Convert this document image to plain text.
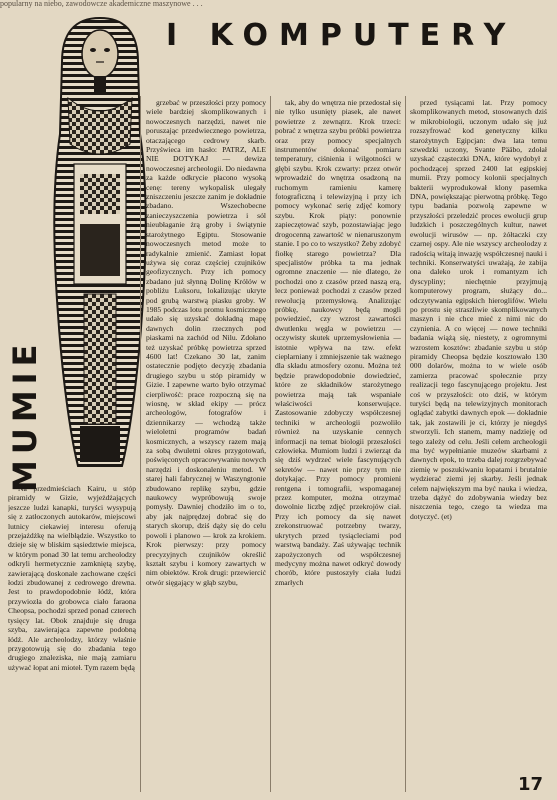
popularny na niebo, zawodowcze akademiczne maszynowe . . .
I KOMPUTERY
MUMIE

Na przedmieściach Kairu, u stóp piramidy w Gizie, wyjeżdżających jeszcze ludzi kanapki, turyści wysypują się z zatłoczonych autokarów, miejscowi lutnicy ciekawiej interesu oferują przejażdżkę na wielbłądzie. Wszystko to dzieje się w bliskim sąsiedztwie miejsca, w którym ponad 30 lat temu archeolodzy odkryli hermetycznie zamkniętą szybę, zawierającą doskonale zachowane części łodzi zbudowanej z cedrowego drewna. Jest to prawdopodobnie łódź, która przywiozła do grobowca ciało faraona Cheopsa, pochodzi sprzed ponad czterech tysięcy lat. Obok znajduje się druga szyba, zawierająca zapewne podobną łódź. Ale archeolodzy, którzy właśnie przygotowują się do zbadania tego drugiego znaleziska, nie mają zamiaru używać łopat ani mioteł. Tym razem będą

grzebać w przeszłości przy pomocy wiele bardziej skomplikowanych i nowoczesnych narzędzi, nawet nie poruszając przedwiecznego powietrza, otaczającego cedrowy skarb. Przyświeca im hasło: PATRZ, ALE NIE DOTYKAJ — dewiza nowoczesnej archeologii. Do niedawna za każde odkrycie płacono wysoką cenę: tereny wykopalisk ulegały zniszczeniu jeszcze zanim je dokładnie zbadano. Wszechobecne zanieczyszczenia powietrza i sól nieubłaganie żrą groby i świątynie starożytnego Egiptu. Stosowanie nowoczesnych metod może to radykalnie zmienić. Zamiast łopat używa się coraz częściej czujników geofizycznych. Przy ich pomocy zbadano już słynną Dolinę Królów w pobliżu Luksoru, lokalizując ukryte pod grubą warstwą piasku groby. W 1985 podczas lotu promu kosmicznego udało się uzyskać dokładną mapę dawnych dolin rzecznych pod piaskami na zachód od Nilu. Zdołano też uzyskać próbkę powietrza sprzed 4600 lat! Czekano 30 lat, zanim ostatecznie podjęto decyzję zbadania drugiego szybu u stóp piramidy w Gizie. I zapewne warto było otrzymać cierpliwość: prace rozpoczną się na wiosnę, w skład ekipy — prócz archeologów, fotografów i dziennikarzy — wchodzą także wieloletni programów badań kosmicznych, a wszyscy razem mają za sobą dwuletni okres przygotowań, poświęconych opracowywaniu nowych narzędzi i doskonaleniu metod. W starej hali fabrycznej w Waszyngtonie zbudowano replikę szybu, gdzie naukowcy wypróbowują swoje pomysły. Dawniej chodziło im o to, aby jak najprędzej dobrać się do starych skorup, dziś dąży się do celu powoli i planowo — krok za krokiem. Krok pierwszy: przy pomocy precyzyjnych czujników określić kształt szybu i komory zawartych w nim obiektów. Krok drugi: przewiercić otwór sięgający w głąb szybu,

tak, aby do wnętrza nie przedostał się nie tylko usunięty piasek, ale nawet powietrze z zewnątrz. Krok trzeci: pobrać z wnętrza szybu próbki powietrza oraz przy pomocy specjalnych instrumentów dokonać pomiaru temperatury, ciśnienia i wilgotności w głębi szybu. Krok czwarty: przez otwór wprowadzić do wnętrza osadzoną na ruchomym ramieniu kamerę fotograficzną i telewizyjną i przy ich pomocy wykonać serię zdjęć komory szybu. Krok piąty: ponownie zapieczętować szyb, pozostawiając jego drogocenną zawartość w nienaruszonym stanie. I po co to wszystko? Żeby zdobyć fiołkę starego powietrza? Dla specjalistów próbka ta ma jednak ogromne znaczenie — nie dlatego, że pochodzi ono z czasów przed naszą erą, lecz ponieważ pochodzi z czasów przed rewolucją przemysłową. Analizując próbkę, naukowcy będą mogli powiedzieć, czy wzrost zawartości dwutlenku węgla w powietrzu — oczywisty skutek uprzemysłowienia — istotnie wpływa na tzw. efekt cieplarniany i zmniejszenie tak ważnego dla składu atmosfery ozonu. Można też będzie prawdopodobnie dowiedzieć, które ze składników starożytnego powietrza mają tak wspaniałe właściwości konserwujące. Zastosowanie zdobyczy współczesnej techniki w archeologii pozwoliło również na uzyskanie cennych informacji na temat biologii przeszłości człowieka. Mumiom ludzi i zwierząt da się dziś wydrzeć wiele fascynujących sekretów — nawet nie przy tym nie dotykając. Przy pomocy promieni rentgena i tomografii, wspomaganej przez komputer, można otrzymać dowolnie liczbę zdjęć przekrojów ciał. Przy ich pomocy da się nawet zrekonstruować potrzebny twarzy, ukrytych przed tysiącleciami pod warstwą bandaży. Zaś używając technik zapożyczonych od współczesnej medycyny można nawet odkryć dowody chorób, które pustoszyły ciała ludzi zmarłych

przed tysiącami lat. Przy pomocy skomplikowanych metod, stosowanych dziś w mikrobiologii, uczonym udało się już rozszyfrować kod genetyczny kilku starożytnych Egipcjan: dwa lata temu szwedzki uczony, Svante Pääbo, zdołał uzyskać cząsteczki DNA, które wydobył z pochodzącej sprzed 2400 lat egipskiej mumii. Przy pomocy kolonii specjalnych bakterii wyprodukował klony pasemka DNA, powiększając pierwotną próbkę. Tego typu badania pozwolą zapewne w przyszłości przeledzić proces ewolucji grup ludzkich i poszczególnych kultur, nawet ewolucji wirusów — np. żółtaczki czy czarnej ospy. Ale nie wszyscy archeolodzy z radością witają inwazję współczesnej nauki i techniki. Konserwatyści uważają, że zabija ona daleko urok i romantyzm ich dyscypliny; niechętnie przyjmują komputerowy program, służący do... odczytywania egipskich hieroglifów. Wielu po prostu się straszliwie skomplikowanych maszyn i nie chce mieć z nimi nic do czynienia. A co więcej — nowe techniki badania wiążą się, niestety, z ogromnymi wzrostem kosztów: zbadanie szybu u stóp piramidy Cheopsa będzie kosztowało 130 000 dolarów, można to w wiele osób zamierza pracować społecznie przy realizacji tego fascynującego projektu. Jest coś w przyszłości: oto dziś, w którym turyści będą na telewizyjnych monitorach oglądać zabytki dawnych epok — dokładnie tak, jak zostawili je ci, którzy je niegdyś stworzyli. Ich stanem, mamy nadzieję od tego zależy od celu. Jeśli celem archeologii ma być wypełnianie muzeów skarbami z dawnych epok, to trzeba dalej rozgrzebywać ziemię w poszukiwaniu łopatami i brutalnie wydzierać ziemi jej skarby. Jeśli jednak celem największym ma być nauka i wiedza, trzeba dążyć do zdobywania wiedzy bez niszczenia tego, czego ta wiedza ma dotyczyć. (et)

17
